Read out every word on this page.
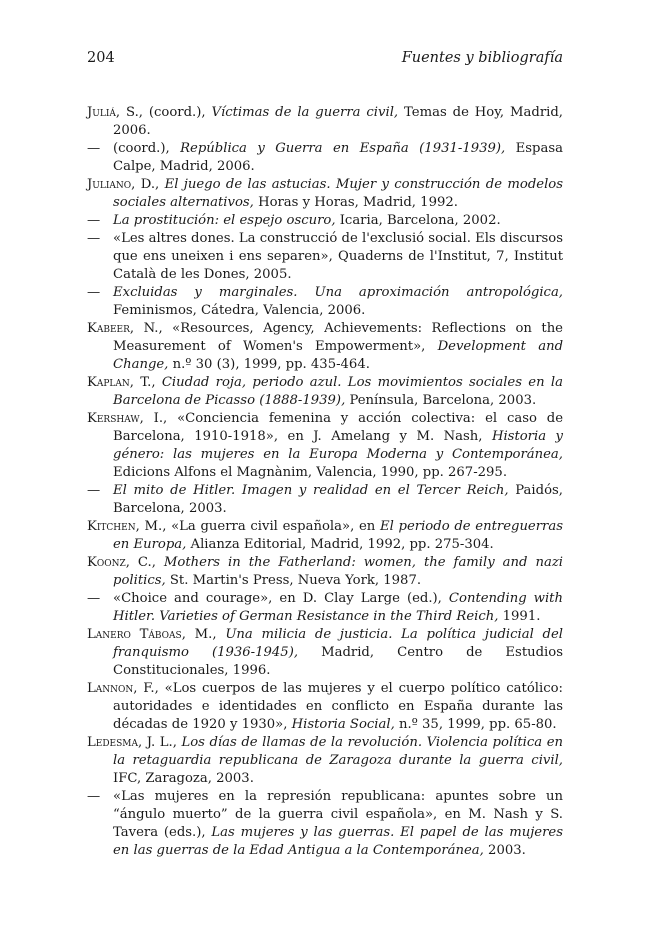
204	Fuentes y bibliografía

Juliá, S., (coord.), Víctimas de la guerra civil, Temas de Hoy, Madrid, 2006.

— (coord.), República y Guerra en España (1931-1939), Espasa Calpe, Madrid, 2006.

Juliano, D., El juego de las astucias. Mujer y construcción de modelos sociales alternativos, Horas y Horas, Madrid, 1992.

— La prostitución: el espejo oscuro, Icaria, Barcelona, 2002.

— «Les altres dones. La construcció de l'exclusió social. Els discursos que ens uneixen i ens separen», Quaderns de l'Institut, 7, Institut Català de les Dones, 2005.

— Excluidas y marginales. Una aproximación antropológica, Feminismos, Cátedra, Valencia, 2006.

Kabeer, N., «Resources, Agency, Achievements: Reflections on the Measurement of Women's Empowerment», Development and Change, n.º 30 (3), 1999, pp. 435-464.

Kaplan, T., Ciudad roja, periodo azul. Los movimientos sociales en la Barcelona de Picasso (1888-1939), Península, Barcelona, 2003.

Kershaw, I., «Conciencia femenina y acción colectiva: el caso de Barcelona, 1910-1918», en J. Amelang y M. Nash, Historia y género: las mujeres en la Europa Moderna y Contemporánea, Edicions Alfons el Magnànim, Valencia, 1990, pp. 267-295.

— El mito de Hitler. Imagen y realidad en el Tercer Reich, Paidós, Barcelona, 2003.

Kitchen, M., «La guerra civil española», en El periodo de entreguerras en Europa, Alianza Editorial, Madrid, 1992, pp. 275-304.

Koonz, C., Mothers in the Fatherland: women, the family and nazi politics, St. Martin's Press, Nueva York, 1987.

— «Choice and courage», en D. Clay Large (ed.), Contending with Hitler. Varieties of German Resistance in the Third Reich, 1991.

Lanero Táboas, M., Una milicia de justicia. La política judicial del franquismo (1936-1945), Madrid, Centro de Estudios Constitucionales, 1996.

Lannon, F., «Los cuerpos de las mujeres y el cuerpo político católico: autoridades e identidades en conflicto en España durante las décadas de 1920 y 1930», Historia Social, n.º 35, 1999, pp. 65-80.

Ledesma, J. L., Los días de llamas de la revolución. Violencia política en la retaguardia republicana de Zaragoza durante la guerra civil, IFC, Zaragoza, 2003.

— «Las mujeres en la represión republicana: apuntes sobre un “ángulo muerto” de la guerra civil española», en M. Nash y S. Tavera (eds.), Las mujeres y las guerras. El papel de las mujeres en las guerras de la Edad Antigua a la Contemporánea, 2003.
